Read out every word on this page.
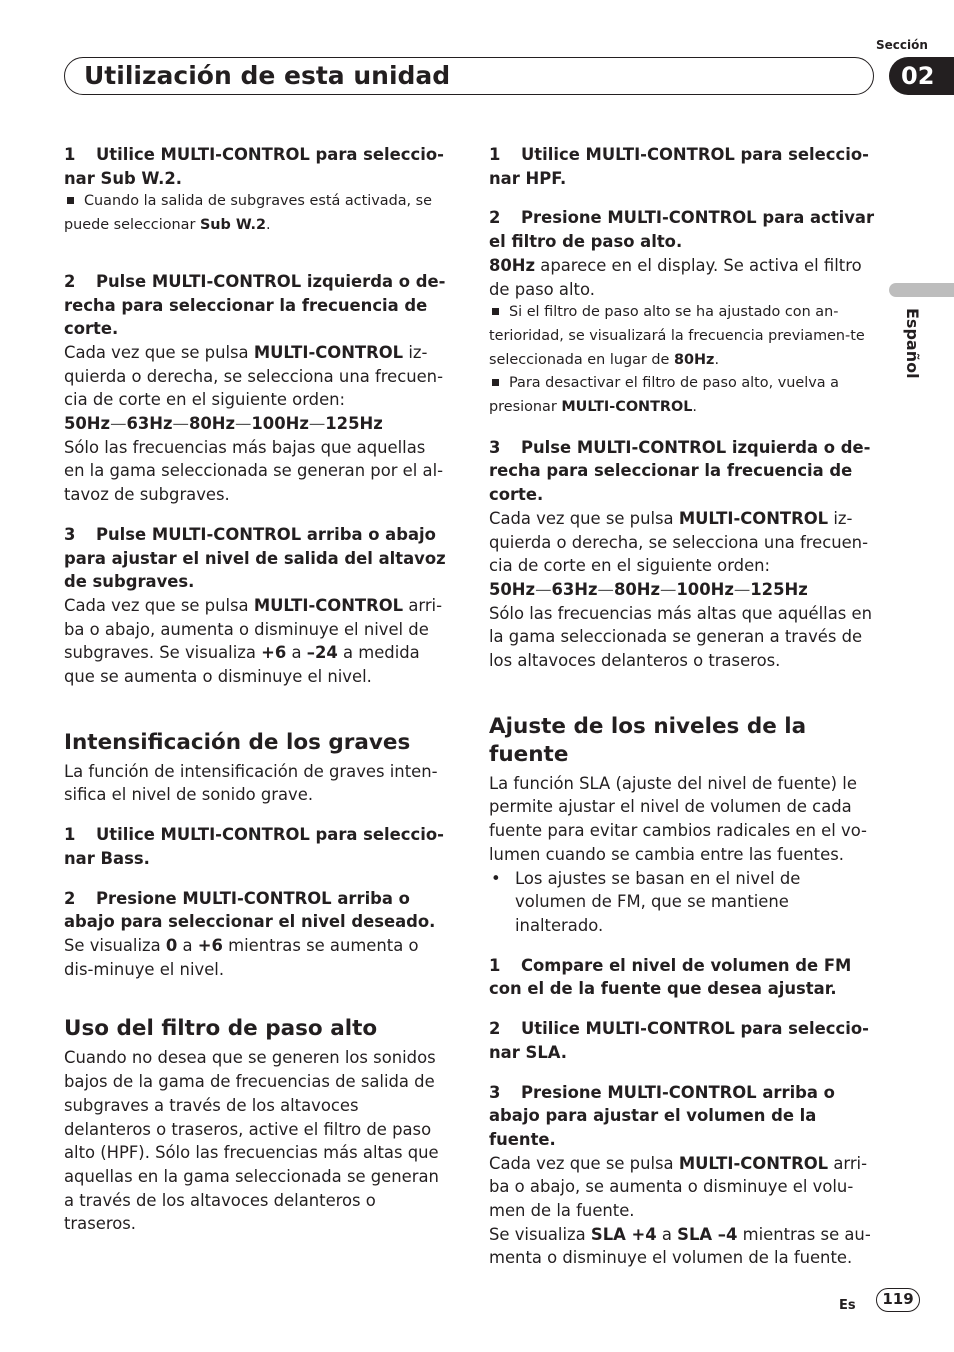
Sección
Utilización de esta unidad	02
Español
1 Utilice MULTI-CONTROL para seleccio-nar Sub W.2.
Cuando la salida de subgraves está activada, se puede seleccionar Sub W.2.
2 Pulse MULTI-CONTROL izquierda o de-recha para seleccionar la frecuencia de corte.
Cada vez que se pulsa MULTI-CONTROL iz-quierda o derecha, se selecciona una frecuen-cia de corte en el siguiente orden:
50Hz—63Hz—80Hz—100Hz—125Hz
Sólo las frecuencias más bajas que aquellas en la gama seleccionada se generan por el al-tavoz de subgraves.
3 Pulse MULTI-CONTROL arriba o abajo para ajustar el nivel de salida del altavoz de subgraves.
Cada vez que se pulsa MULTI-CONTROL arri-ba o abajo, aumenta o disminuye el nivel de subgraves. Se visualiza +6 a –24 a medida que se aumenta o disminuye el nivel.
Intensificación de los graves
La función de intensificación de graves inten-sifica el nivel de sonido grave.
1 Utilice MULTI-CONTROL para seleccio-nar Bass.
2 Presione MULTI-CONTROL arriba o abajo para seleccionar el nivel deseado.
Se visualiza 0 a +6 mientras se aumenta o dis-minuye el nivel.
Uso del filtro de paso alto
Cuando no desea que se generen los sonidos bajos de la gama de frecuencias de salida de subgraves a través de los altavoces delanteros o traseros, active el filtro de paso alto (HPF). Sólo las frecuencias más altas que aquellas en la gama seleccionada se generan a través de los altavoces delanteros o traseros.
1 Utilice MULTI-CONTROL para seleccio-nar HPF.
2 Presione MULTI-CONTROL para activar el filtro de paso alto.
80Hz aparece en el display. Se activa el filtro de paso alto.
Si el filtro de paso alto se ha ajustado con an-terioridad, se visualizará la frecuencia previamen-te seleccionada en lugar de 80Hz.
Para desactivar el filtro de paso alto, vuelva a presionar MULTI-CONTROL.
3 Pulse MULTI-CONTROL izquierda o de-recha para seleccionar la frecuencia de corte.
Cada vez que se pulsa MULTI-CONTROL iz-quierda o derecha, se selecciona una frecuen-cia de corte en el siguiente orden:
50Hz—63Hz—80Hz—100Hz—125Hz
Sólo las frecuencias más altas que aquéllas en la gama seleccionada se generan a través de los altavoces delanteros o traseros.
Ajuste de los niveles de la fuente
La función SLA (ajuste del nivel de fuente) le permite ajustar el nivel de volumen de cada fuente para evitar cambios radicales en el vo-lumen cuando se cambia entre las fuentes.
• Los ajustes se basan en el nivel de volumen de FM, que se mantiene inalterado.
1 Compare el nivel de volumen de FM con el de la fuente que desea ajustar.
2 Utilice MULTI-CONTROL para seleccio-nar SLA.
3 Presione MULTI-CONTROL arriba o abajo para ajustar el volumen de la fuente.
Cada vez que se pulsa MULTI-CONTROL arri-ba o abajo, se aumenta o disminuye el volu-men de la fuente.
Se visualiza SLA +4 a SLA –4 mientras se au-menta o disminuye el volumen de la fuente.
Es	119
